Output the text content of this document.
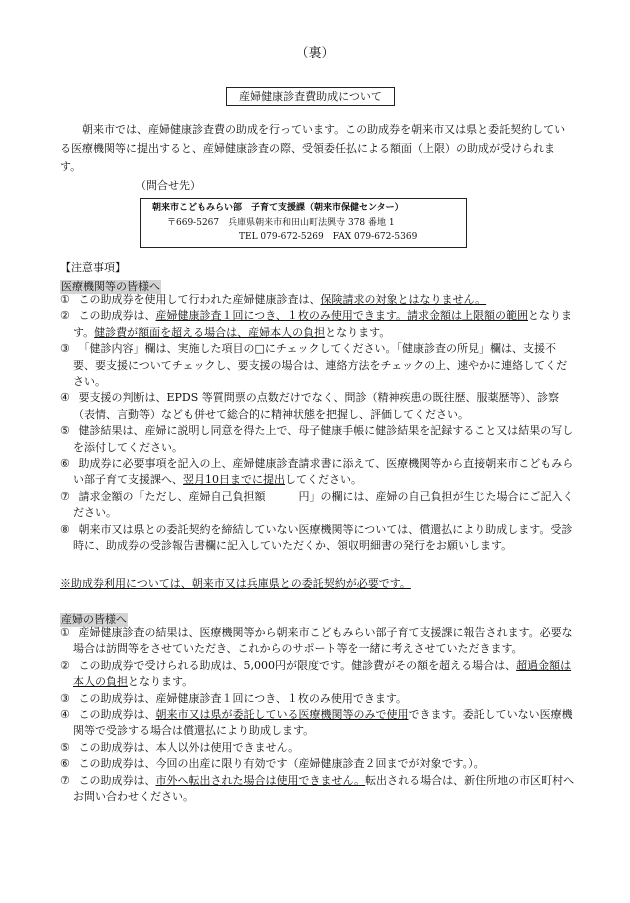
（裏）
産婦健康診査費助成について

  朝来市では、産婦健康診査費の助成を行っています。この助成券を朝来市又は県と委託契約している医療機関等に提出すると、産婦健康診査の際、受領委任払による額面（上限）の助成が受けられます。

（問合せ先）
朝来市こどもみらい部　子育て支援課（朝来市保健センター）
〒669-5267　兵庫県朝来市和田山町法興寺 378 番地 1
TEL 079-672-5269　FAX 079-672-5369
【注意事項】
医療機関等の皆様へ
①
  この助成券を使用して行われた産婦健康診査は、保険請求の対象とはなりません。
②
  この助成券は、産婦健康診査１回につき、１枚のみ使用できます。請求金額は上限額の範囲となります。健診費が額面を超える場合は、産婦本人の負担となります。
③
  「健診内容」欄は、実施した項目の□にチェックしてください。「健康診査の所見」欄は、支援不要、要支援についてチェックし、要支援の場合は、連絡方法をチェックの上、速やかに連絡してください。
④
  要支援の判断は、EPDS 等質問票の点数だけでなく、問診（精神疾患の既往歴、服薬歴等）、診察（表情、言動等）なども併せて総合的に精神状態を把握し、評価してください。
⑤
  健診結果は、産婦に説明し同意を得た上で、母子健康手帳に健診結果を記録すること又は結果の写しを添付してください。
⑥
  助成券に必要事項を記入の上、産婦健康診査請求書に添えて、医療機関等から直接朝来市こどもみらい部子育て支援課へ、翌月10日までに提出してください。
⑦
  請求金額の「ただし、産婦自己負担額　　　円」の欄には、産婦の自己負担が生じた場合にご記入ください。
⑧
  朝来市又は県との委託契約を締結していない医療機関等については、償還払により助成します。受診時に、助成券の受診報告書欄に記入していただくか、領収明細書の発行をお願いします。
※助成券利用については、朝来市又は兵庫県との委託契約が必要です。
産婦の皆様へ
①
  産婦健康診査の結果は、医療機関等から朝来市こどもみらい部子育て支援課に報告されます。必要な場合は訪問等をさせていただき、これからのサポート等を一緒に考えさせていただきます。
②
  この助成券で受けられる助成は、5,000円が限度です。健診費がその額を超える場合は、超過金額は本人の負担となります。
③
  この助成券は、産婦健康診査１回につき、１枚のみ使用できます。
④
  この助成券は、朝来市又は県が委託している医療機関等のみで使用できます。委託していない医療機関等で受診する場合は償還払により助成します。
⑤
  この助成券は、本人以外は使用できません。
⑥
  この助成券は、今回の出産に限り有効です（産婦健康診査２回までが対象です。）。
⑦
  この助成券は、市外へ転出された場合は使用できません。転出される場合は、新住所地の市区町村へお問い合わせください。
